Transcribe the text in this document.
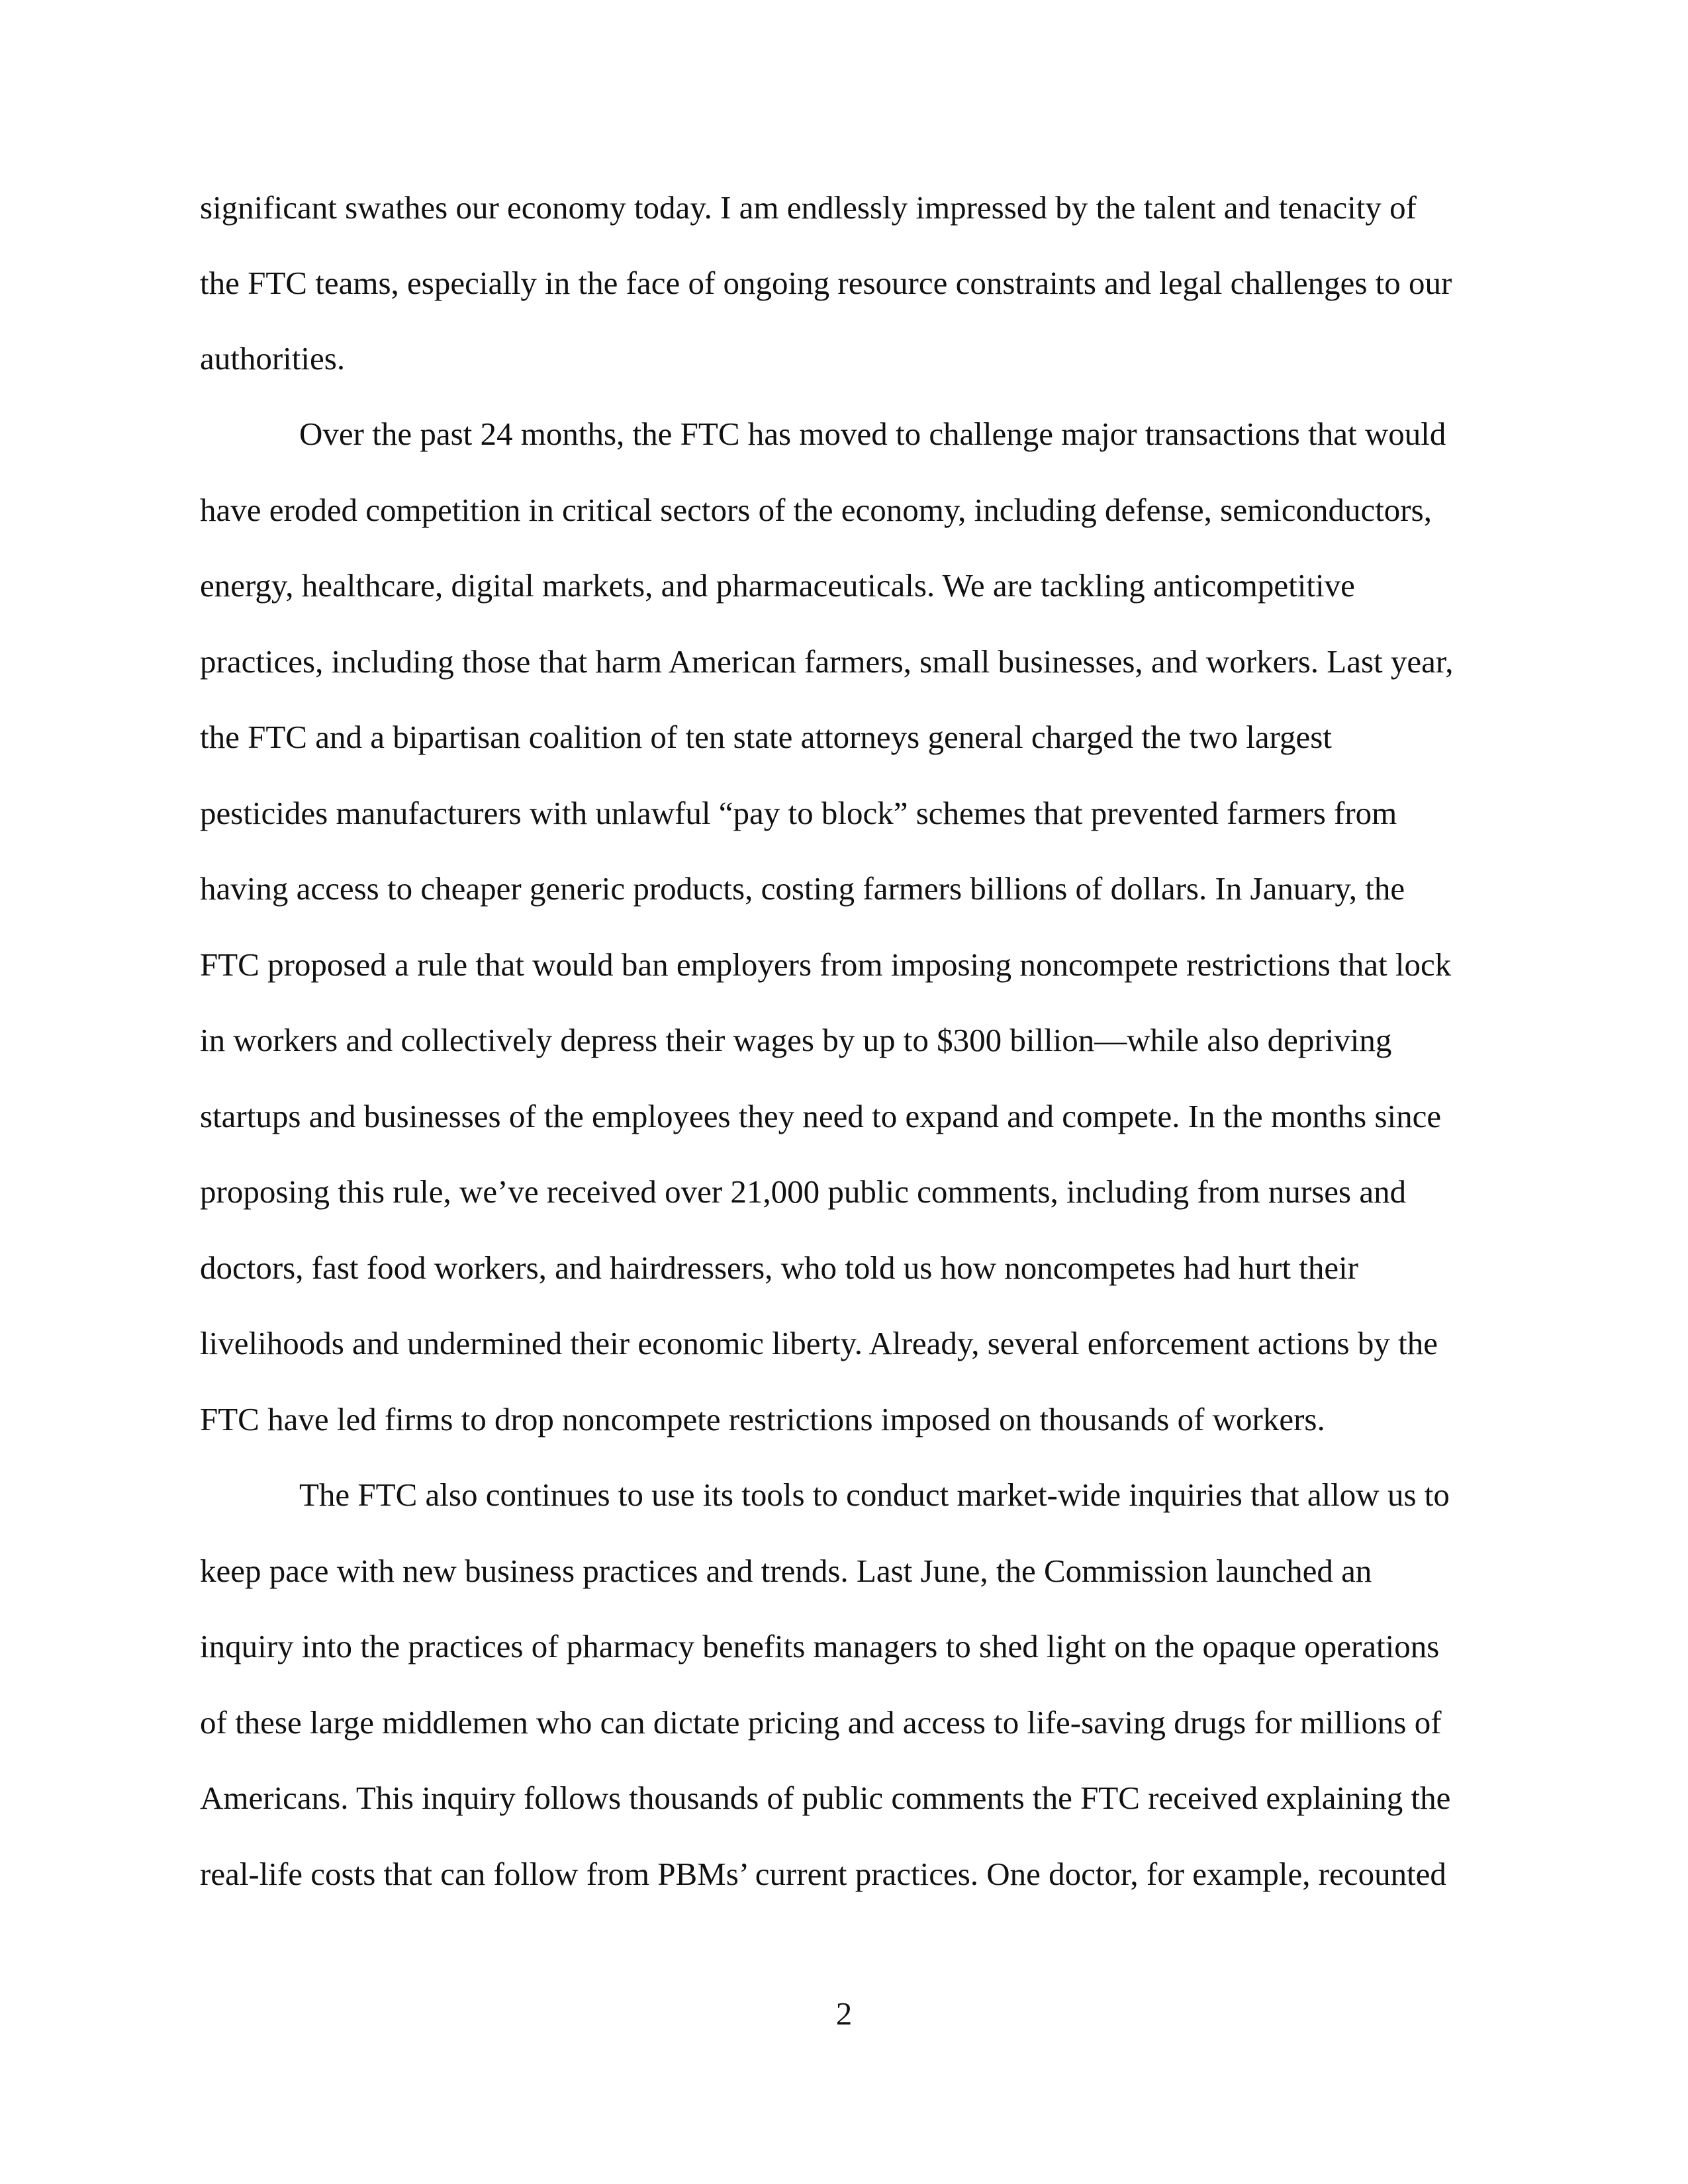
significant swathes our economy today. I am endlessly impressed by the talent and tenacity of
the FTC teams, especially in the face of ongoing resource constraints and legal challenges to our
authorities.
Over the past 24 months, the FTC has moved to challenge major transactions that would
have eroded competition in critical sectors of the economy, including defense, semiconductors,
energy, healthcare, digital markets, and pharmaceuticals. We are tackling anticompetitive
practices, including those that harm American farmers, small businesses, and workers. Last year,
the FTC and a bipartisan coalition of ten state attorneys general charged the two largest
pesticides manufacturers with unlawful “pay to block” schemes that prevented farmers from
having access to cheaper generic products, costing farmers billions of dollars. In January, the
FTC proposed a rule that would ban employers from imposing noncompete restrictions that lock
in workers and collectively depress their wages by up to $300 billion—while also depriving
startups and businesses of the employees they need to expand and compete. In the months since
proposing this rule, we’ve received over 21,000 public comments, including from nurses and
doctors, fast food workers, and hairdressers, who told us how noncompetes had hurt their
livelihoods and undermined their economic liberty. Already, several enforcement actions by the
FTC have led firms to drop noncompete restrictions imposed on thousands of workers.
The FTC also continues to use its tools to conduct market-wide inquiries that allow us to
keep pace with new business practices and trends. Last June, the Commission launched an
inquiry into the practices of pharmacy benefits managers to shed light on the opaque operations
of these large middlemen who can dictate pricing and access to life-saving drugs for millions of
Americans. This inquiry follows thousands of public comments the FTC received explaining the
real-life costs that can follow from PBMs’ current practices. One doctor, for example, recounted
2
